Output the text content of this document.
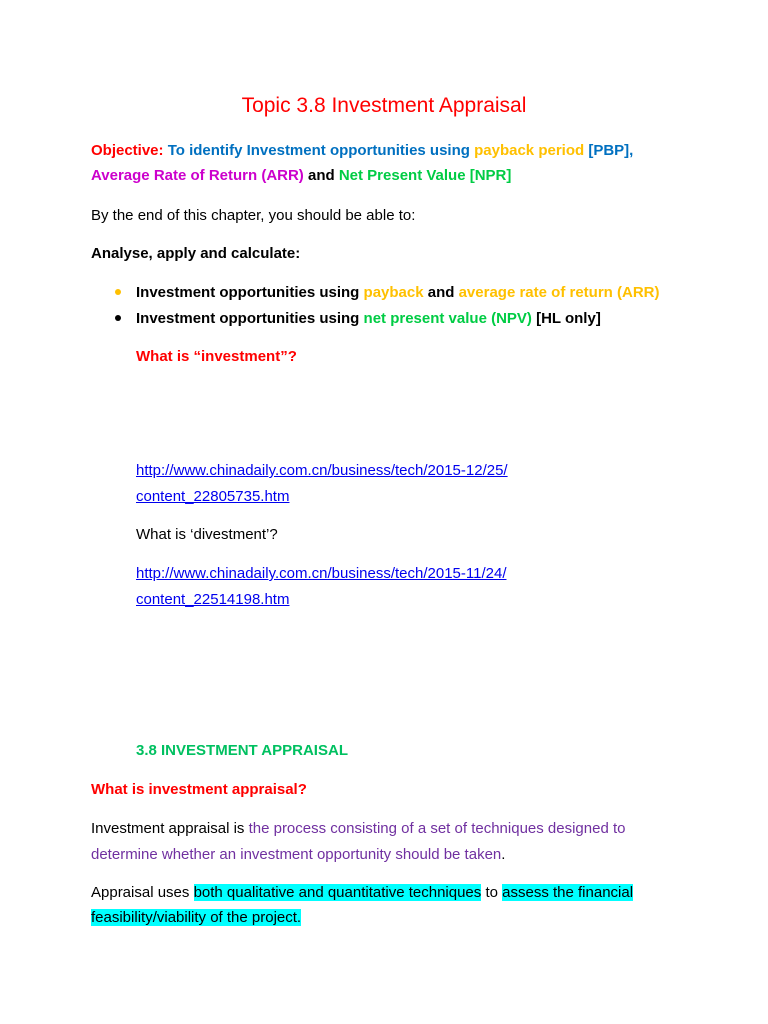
Topic 3.8 Investment Appraisal
Objective: To identify Investment opportunities using payback period [PBP],
Average Rate of Return (ARR) and Net Present Value [NPR]
By the end of this chapter, you should be able to:
Analyse, apply and calculate:
Investment opportunities using payback and average rate of return (ARR)
Investment opportunities using net present value (NPV) [HL only]
What is “investment”?
http://www.chinadaily.com.cn/business/tech/2015-12/25/
content_22805735.htm
What is ‘divestment’?
http://www.chinadaily.com.cn/business/tech/2015-11/24/
content_22514198.htm
3.8 INVESTMENT APPRAISAL
What is investment appraisal?
Investment appraisal is the process consisting of a set of techniques designed to
determine whether an investment opportunity should be taken.
Appraisal uses both qualitative and quantitative techniques to assess the financial
feasibility/viability of the project.
